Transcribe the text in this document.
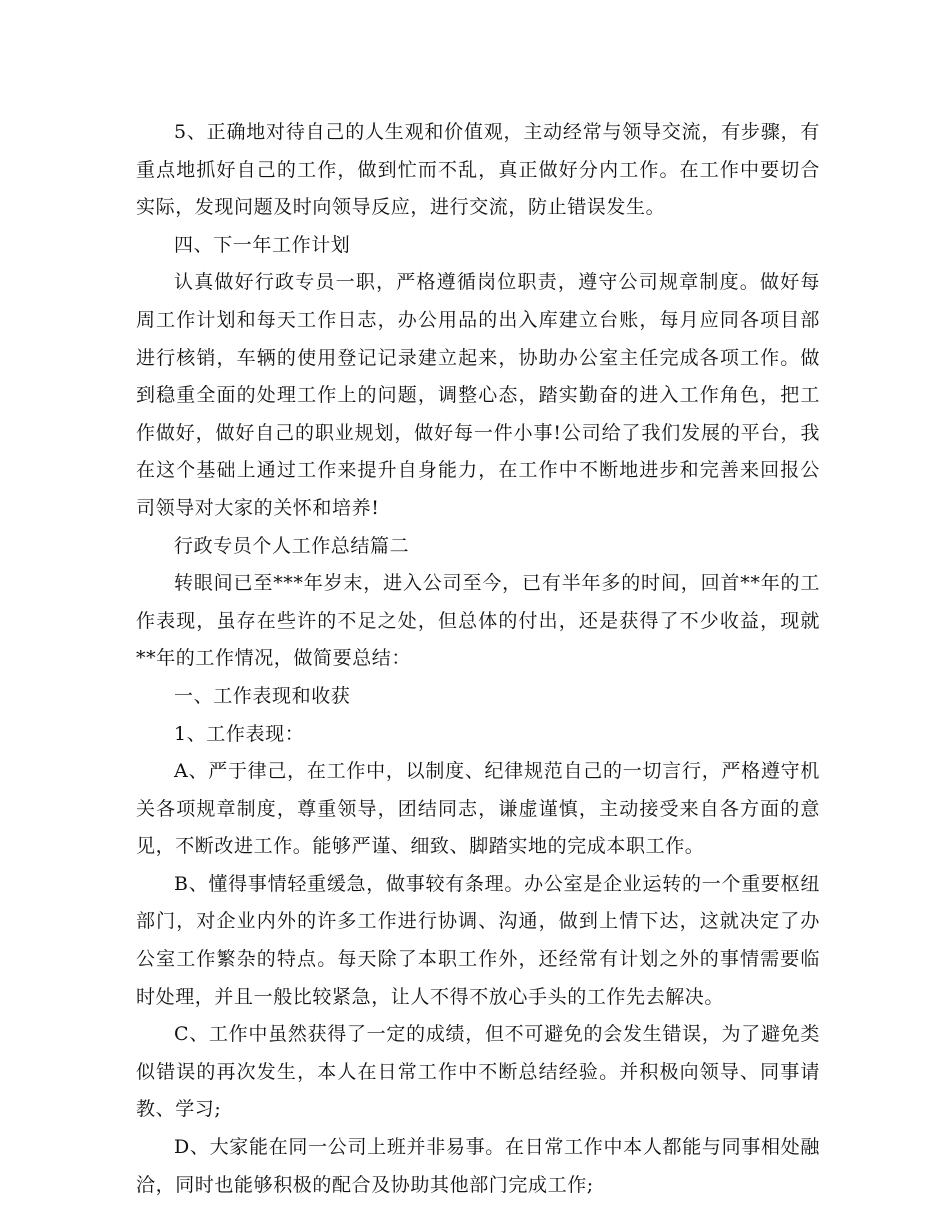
5、正确地对待自己的人生观和价值观，主动经常与领导交流，有步骤，有重点地抓好自己的工作，做到忙而不乱，真正做好分内工作。在工作中要切合实际，发现问题及时向领导反应，进行交流，防止错误发生。

四、下一年工作计划

认真做好行政专员一职，严格遵循岗位职责，遵守公司规章制度。做好每周工作计划和每天工作日志，办公用品的出入库建立台账，每月应同各项目部进行核销，车辆的使用登记记录建立起来，协助办公室主任完成各项工作。做到稳重全面的处理工作上的问题，调整心态，踏实勤奋的进入工作角色，把工作做好，做好自己的职业规划，做好每一件小事!公司给了我们发展的平台，我在这个基础上通过工作来提升自身能力，在工作中不断地进步和完善来回报公司领导对大家的关怀和培养!

行政专员个人工作总结篇二

转眼间已至***年岁末，进入公司至今，已有半年多的时间，回首**年的工作表现，虽存在些许的不足之处，但总体的付出，还是获得了不少收益，现就**年的工作情况，做简要总结：

一、工作表现和收获

1、工作表现：

A、严于律己，在工作中，以制度、纪律规范自己的一切言行，严格遵守机关各项规章制度，尊重领导，团结同志，谦虚谨慎，主动接受来自各方面的意见，不断改进工作。能够严谨、细致、脚踏实地的完成本职工作。

B、懂得事情轻重缓急，做事较有条理。办公室是企业运转的一个重要枢纽部门，对企业内外的许多工作进行协调、沟通，做到上情下达，这就决定了办公室工作繁杂的特点。每天除了本职工作外，还经常有计划之外的事情需要临时处理，并且一般比较紧急，让人不得不放心手头的工作先去解决。

C、工作中虽然获得了一定的成绩，但不可避免的会发生错误，为了避免类似错误的再次发生，本人在日常工作中不断总结经验。并积极向领导、同事请教、学习;

D、大家能在同一公司上班并非易事。在日常工作中本人都能与同事相处融洽，同时也能够积极的配合及协助其他部门完成工作;
